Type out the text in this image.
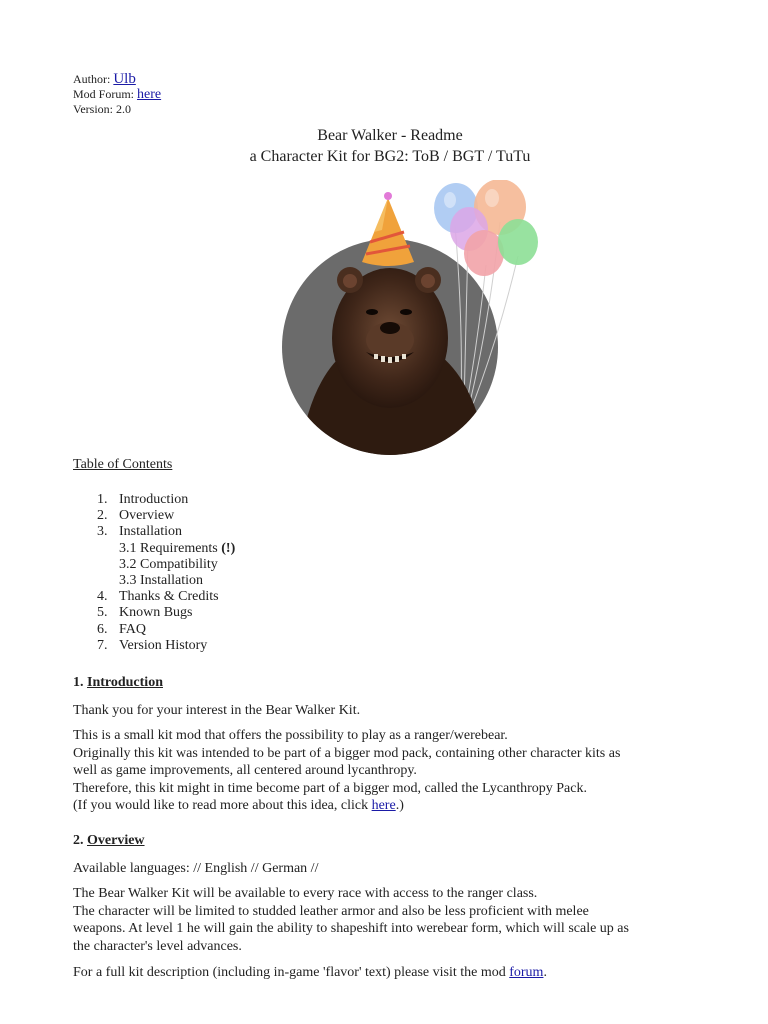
Author: Ulb
Mod Forum: here
Version: 2.0
Bear Walker - Readme
a Character Kit for BG2: ToB / BGT / TuTu
Table of Contents
1. Introduction
2. Overview
3. Installation
3.1 Requirements
(!)
3.2 Compatibility
3.3 Installation
4. Thanks & Credits
5. Known Bugs
6. FAQ
7. Version History
1. Introduction

Thank you for your interest in the Bear Walker Kit.

This is a small kit mod that offers the possibility to play as a ranger/werebear.
Originally this kit was intended to be part of a bigger mod pack, containing other character kits as
well as game improvements, all centered around lycanthropy.
Therefore, this kit might in time become part of a bigger mod, called the Lycanthropy Pack.
(If you would like to read more about this idea, click here.)

2. Overview

Available languages: // English // German //

The Bear Walker Kit will be available to every race with access to the ranger class.
The character will be limited to studded leather armor and also be less proficient with melee
weapons. At level 1 he will gain the ability to shapeshift into werebear form, which will scale up as
the character's level advances.

For a full kit description (including in-game 'flavor' text) please visit the mod forum.
